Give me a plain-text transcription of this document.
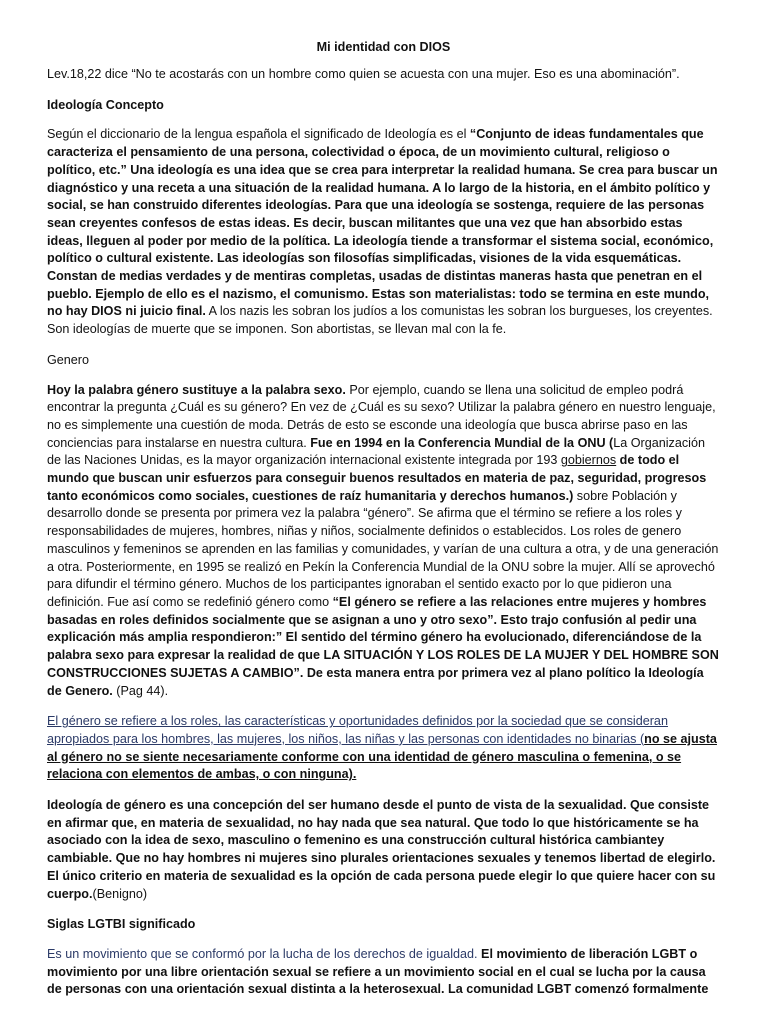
Mi identidad con DIOS

Lev.18,22 dice “No te acostarás con un hombre como quien se acuesta con una mujer. Eso es una abominación”.

Ideología Concepto

Según el diccionario de la lengua española el significado de Ideología es el “Conjunto de ideas fundamentales que caracteriza el pensamiento de una persona, colectividad o época, de un movimiento cultural, religioso o político, etc.” Una ideología es una idea que se crea para interpretar la realidad humana. Se crea para buscar un diagnóstico y una receta a una situación de la realidad humana. A lo largo de la historia, en el ámbito político y social, se han construido diferentes ideologías. Para que una ideología se sostenga, requiere de las personas sean creyentes confesos de estas ideas. Es decir, buscan militantes que una vez que han absorbido estas ideas, lleguen al poder por medio de la política. La ideología tiende a transformar el sistema social, económico, político o cultural existente. Las ideologías son filosofías simplificadas, visiones de la vida esquemáticas. Constan de medias verdades y de mentiras completas, usadas de distintas maneras hasta que penetran en el pueblo. Ejemplo de ello es el nazismo, el comunismo. Estas son materialistas: todo se termina en este mundo, no hay DIOS ni juicio final. A los nazis les sobran los judíos a los comunistas les sobran los burgueses, los creyentes. Son ideologías de muerte que se imponen. Son abortistas, se llevan mal con la fe.

Genero

Hoy la palabra género sustituye a la palabra sexo. Por ejemplo, cuando se llena una solicitud de empleo podrá encontrar la pregunta ¿Cuál es su género? En vez de ¿Cuál es su sexo? Utilizar la palabra género en nuestro lenguaje, no es simplemente una cuestión de moda. Detrás de esto se esconde una ideología que busca abrirse paso en las conciencias para instalarse en nuestra cultura. Fue en 1994 en la Conferencia Mundial de la ONU (La Organización de las Naciones Unidas, es la mayor organización internacional existente integrada por 193 gobiernos de todo el mundo que buscan unir esfuerzos para conseguir buenos resultados en materia de paz, seguridad, progresos tanto económicos como sociales, cuestiones de raíz humanitaria y derechos humanos.) sobre Población y desarrollo donde se presenta por primera vez la palabra “género”. Se afirma que el término se refiere a los roles y responsabilidades de mujeres, hombres, niñas y niños, socialmente definidos o establecidos. Los roles de genero masculinos y femeninos se aprenden en las familias y comunidades, y varían de una cultura a otra, y de una generación a otra. Posteriormente, en 1995 se realizó en Pekín la Conferencia Mundial de la ONU sobre la mujer. Allí se aprovechó para difundir el término género. Muchos de los participantes ignoraban el sentido exacto por lo que pidieron una definición. Fue así como se redefinió género como “El género se refiere a las relaciones entre mujeres y hombres basadas en roles definidos socialmente que se asignan a uno y otro sexo”. Esto trajo confusión al pedir una explicación más amplia respondieron:” El sentido del término género ha evolucionado, diferenciándose de la palabra sexo para expresar la realidad de que LA SITUACIÓN Y LOS ROLES DE LA MUJER Y DEL HOMBRE SON CONSTRUCCIONES SUJETAS A CAMBIO”. De esta manera entra por primera vez al plano político la Ideología de Genero. (Pag 44).

El género se refiere a los roles, las características y oportunidades definidos por la sociedad que se consideran apropiados para los hombres, las mujeres, los niños, las niñas y las personas con identidades no binarias (no se ajusta al género no se siente necesariamente conforme con una identidad de género masculina o femenina, o se relaciona con elementos de ambas, o con ninguna).

Ideología de género es una concepción del ser humano desde el punto de vista de la sexualidad. Que consiste en afirmar que, en materia de sexualidad, no hay nada que sea natural. Que todo lo que históricamente se ha asociado con la idea de sexo, masculino o femenino es una construcción cultural histórica cambiantey cambiable. Que no hay hombres ni mujeres sino plurales orientaciones sexuales y tenemos libertad de elegirlo. El único criterio en materia de sexualidad es la opción de cada persona puede elegir lo que quiere hacer con su cuerpo.(Benigno)

Siglas LGTBI significado

Es un movimiento que se conformó por la lucha de los derechos de igualdad. El movimiento de liberación LGBT o movimiento por una libre orientación sexual se refiere a un movimiento social en el cual se lucha por la causa de personas con una orientación sexual distinta a la heterosexual. La comunidad LGBT comenzó formalmente
